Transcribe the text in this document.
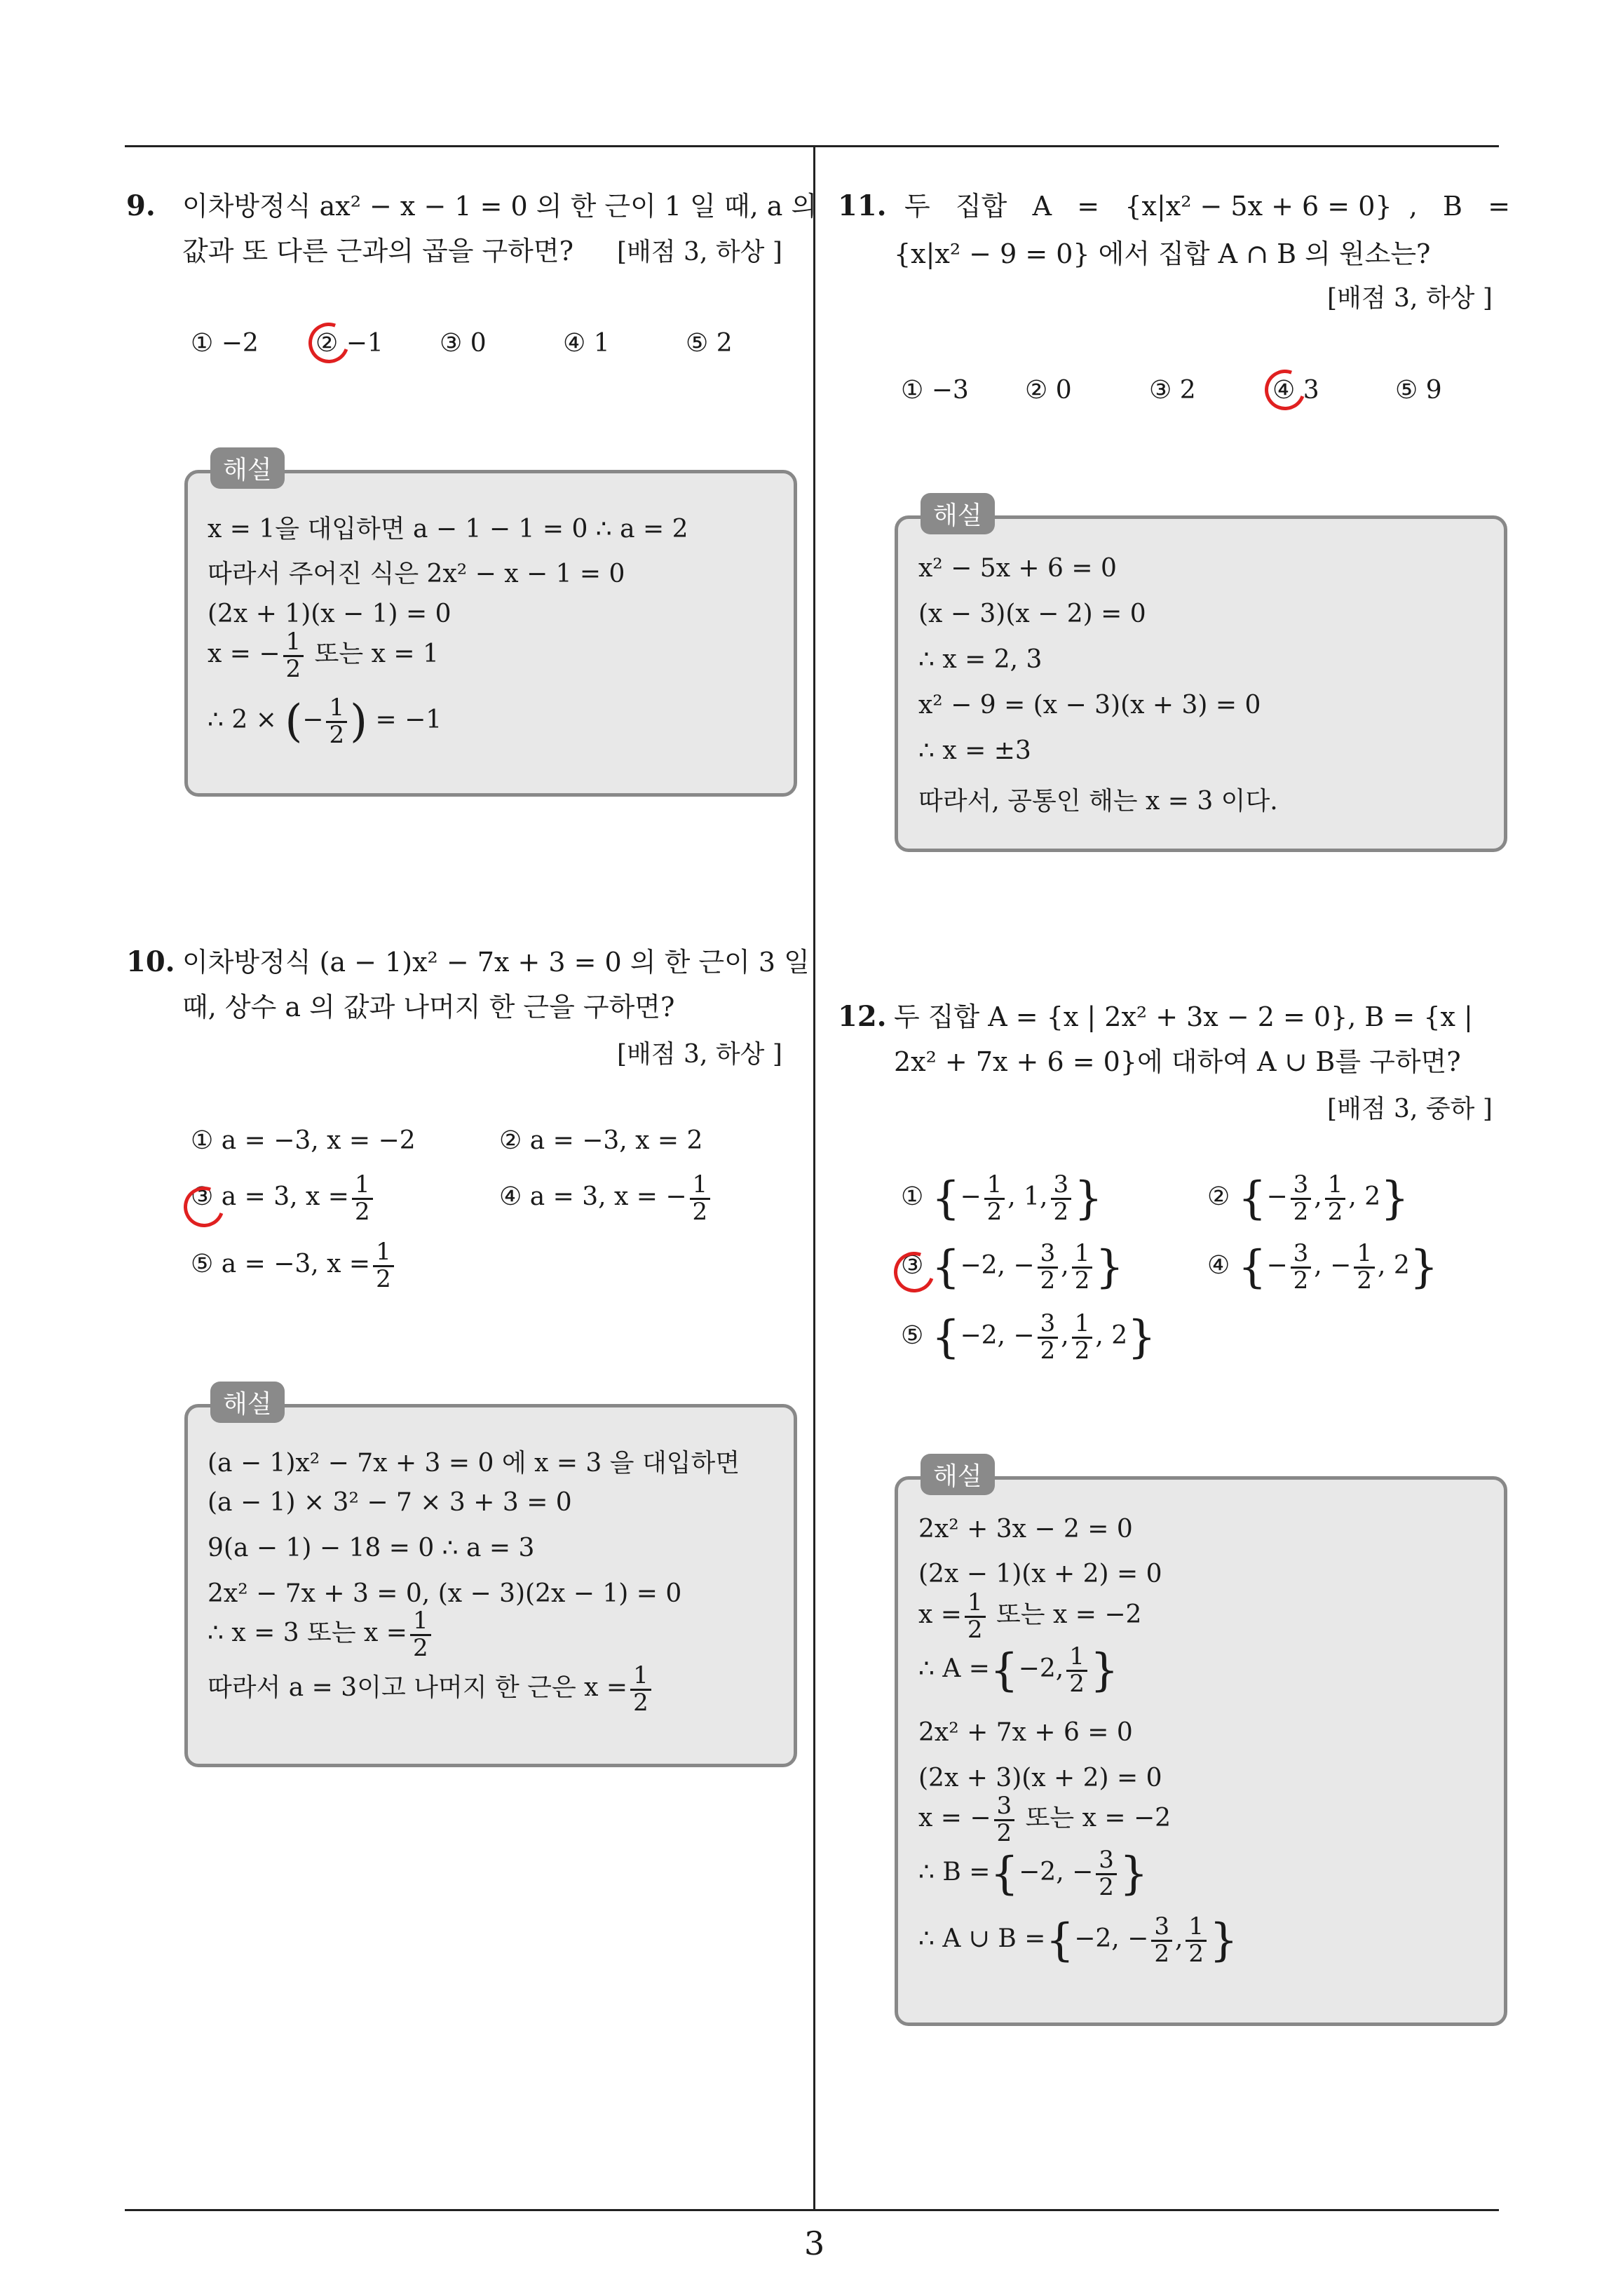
3
9. 이차방정식 ax² − x − 1 = 0 의 한 근이 1 일 때, a 의
값과 또 다른 근과의 곱을 구하면? [배점 3, 하상 ]
① −2 ② −1 ③ 0	④ 1	⑤ 2
해설
x = 1을 대입하면 a − 1 − 1 = 0 ∴ a = 2
따라서 주어진 식은 2x² − x − 1 = 0
(2x + 1)(x − 1) = 0
x = − $\frac{1}{2}$ 또는 x = 1
∴ 2 × (− $\frac{1}{2}$ ) = −1
10. 이차방정식 (a − 1)x² − 7x + 3 = 0 의 한 근이 3 일
때, 상수 a 의 값과 나머지 한 근을 구하면?
[배점 3, 하상 ]
① a = −3, x = −2	② a = −3, x = 2
③ a = 3, $x = \frac{1}{2}$	④ a = 3, x = − $\frac{1}{2}$
⑤ a = −3, $x = \frac{1}{2}$
해설
(a − 1)x² − 7x + 3 = 0 에 x = 3 을 대입하면
(a − 1) × 3² − 7 × 3 + 3 = 0
9(a − 1) − 18 = 0 ∴ a = 3
2x² − 7x + 3 = 0, (x − 3)(2x − 1) = 0
∴ x = 3 또는 $x = \frac{1}{2}$
따라서 a = 3이고 나머지 한 근은 $x = \frac{1}{2}$
11. 두   집합   A   =   {x|x² − 5x + 6 = 0}  ,   B   =
{x|x² − 9 = 0} 에서 집합 A ∩ B 의 원소는?
[배점 3, 하상 ]
① −3 ② 0	③ 2	④ 3	⑤ 9
해설
x² − 5x + 6 = 0
(x − 3)(x − 2) = 0
∴ x = 2, 3
x² − 9 = (x − 3)(x + 3) = 0
∴ x = ±3
따라서, 공통인 해는 x = 3 이다.
12. 두 집합 A = {x | 2x² + 3x − 2 = 0}, B = {x |
2x² + 7x + 6 = 0}에 대하여 A ∪ B를 구하면?
[배점 3, 중하 ]
① {− $\frac{1}{2}$ , 1, $\frac{3}{2}$ }	② {− $\frac{3}{2}$ , $\frac{1}{2}$ , 2}
③ {−2, − $\frac{3}{2}$ , $\frac{1}{2}$ }	④ {− $\frac{3}{2}$ , − $\frac{1}{2}$ , 2}
⑤ {−2, − $\frac{3}{2}$ , $\frac{1}{2}$ , 2}
해설
2x² + 3x − 2 = 0
(2x − 1)(x + 2) = 0
$x = \frac{1}{2}$ 또는 x = −2
∴ A ={−2, $\frac{1}{2}$ }
2x² + 7x + 6 = 0
(2x + 3)(x + 2) = 0
x = − $\frac{3}{2}$ 또는 x = −2
∴ B ={−2, − $\frac{3}{2}$ }
∴ A ∪ B ={−2, − $\frac{3}{2}$ , $\frac{1}{2}$ }
